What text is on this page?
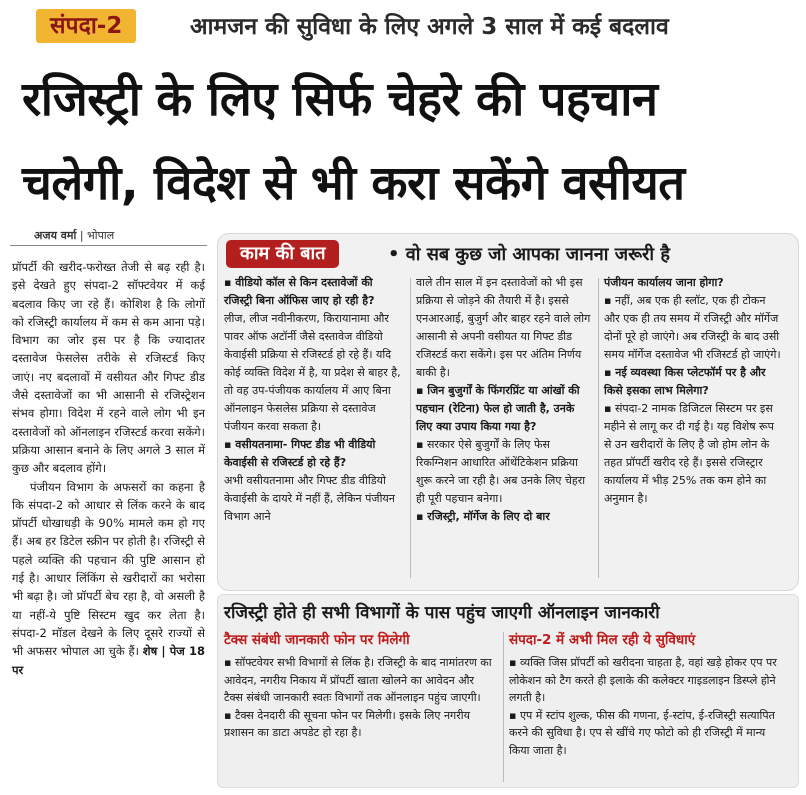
संपदा-2	आमजन की सुविधा के लिए अगले 3 साल में कई बदलाव
रजिस्ट्री के लिए सिर्फ चेहरे की पहचान
चलेगी, विदेश से भी करा सकेंगे वसीयत
अजय वर्मा | भोपाल

प्रॉपर्टी की खरीद-फरोख्त तेजी से बढ़ रही है। इसे देखते हुए संपदा-2 सॉफ्टवेयर में कई बदलाव किए जा रहे हैं। कोशिश है कि लोगों को रजिस्ट्री कार्यालय में कम से कम आना पड़े। विभाग का जोर इस पर है कि ज्यादातर दस्तावेज फेसलेस तरीके से रजिस्टर्ड किए जाएं। नए बदलावों में वसीयत और गिफ्ट डीड जैसे दस्तावेजों का भी आसानी से रजिस्ट्रेशन संभव होगा। विदेश में रहने वाले लोग भी इन दस्तावेजों को ऑनलाइन रजिस्टर्ड करवा सकेंगे। प्रक्रिया आसान बनाने के लिए अगले 3 साल में कुछ और बदलाव होंगे।

पंजीयन विभाग के अफसरों का कहना है कि संपदा-2 को आधार से लिंक करने के बाद प्रॉपर्टी धोखाधड़ी के 90% मामले कम हो गए हैं। अब हर डिटेल स्क्रीन पर होती है। रजिस्ट्री से पहले व्यक्ति की पहचान की पुष्टि आसान हो गई है। आधार लिंकिंग से खरीदारों का भरोसा भी बढ़ा है। जो प्रॉपर्टी बेच रहा है, वो असली है या नहीं-ये पुष्टि सिस्टम खुद कर लेता है। संपदा-2 मॉडल देखने के लिए दूसरे राज्यों से भी अफसर भोपाल आ चुके हैं। शेष | पेज 18 पर

काम की बात	• वो सब कुछ जो आपका जानना जरूरी है

▪ वीडियो कॉल से किन दस्तावेजों की रजिस्ट्री बिना ऑफिस जाए हो रही है?

लीज, लीज नवीनीकरण, किरायानामा और पावर ऑफ अटॉर्नी जैसे दस्तावेज वीडियो केवाईसी प्रक्रिया से रजिस्टर्ड हो रहे हैं। यदि कोई व्यक्ति विदेश में है, या प्रदेश से बाहर है, तो वह उप-पंजीयक कार्यालय में आए बिना ऑनलाइन फेसलेस प्रक्रिया से दस्तावेज पंजीयन करवा सकता है।

▪ वसीयतनामा- गिफ्ट डीड भी वीडियो केवाईसी से रजिस्टर्ड हो रहे हैं?

अभी वसीयतनामा और गिफ्ट डीड वीडियो केवाईसी के दायरे में नहीं हैं, लेकिन पंजीयन विभाग आने

वाले तीन साल में इन दस्तावेजों को भी इस प्रक्रिया से जोड़ने की तैयारी में है। इससे एनआरआई, बुजुर्ग और बाहर रहने वाले लोग आसानी से अपनी वसीयत या गिफ्ट डीड रजिस्टर्ड करा सकेंगे। इस पर अंतिम निर्णय बाकी है।

▪ जिन बुजुर्गों के फिंगरप्रिंट या आंखों की पहचान (रेटिना) फेल हो जाती है, उनके लिए क्या उपाय किया गया है?

▪ सरकार ऐसे बुजुर्गों के लिए फेस रिकग्निशन आधारित ऑथेंटिकेशन प्रक्रिया शुरू करने जा रही है। अब उनके लिए चेहरा ही पूरी पहचान बनेगा।

▪ रजिस्ट्री, मॉर्गेज के लिए दो बार

पंजीयन कार्यालय जाना होगा?

▪ नहीं, अब एक ही स्लॉट, एक ही टोकन और एक ही तय समय में रजिस्ट्री और मॉर्गेज दोनों पूरे हो जाएंगे। अब रजिस्ट्री के बाद उसी समय मॉर्गेज दस्तावेज भी रजिस्टर्ड हो जाएंगे।

▪ नई व्यवस्था किस प्लेटफॉर्म पर है और किसे इसका लाभ मिलेगा?

▪ संपदा-2 नामक डिजिटल सिस्टम पर इस महीने से लागू कर दी गई है। यह विशेष रूप से उन खरीदारों के लिए है जो होम लोन के तहत प्रॉपर्टी खरीद रहे हैं। इससे रजिस्ट्रार कार्यालय में भीड़ 25% तक कम होने का अनुमान है।

रजिस्ट्री होते ही सभी विभागों के पास पहुंच जाएगी ऑनलाइन जानकारी
टैक्स संबंधी जानकारी फोन पर मिलेगी	संपदा-2 में अभी मिल रही ये सुविधाएं

▪ सॉफ्टवेयर सभी विभागों से लिंक है। रजिस्ट्री के बाद नामांतरण का आवेदन, नगरीय निकाय में प्रॉपर्टी खाता खोलने का आवेदन और टैक्स संबंधी जानकारी स्वतः विभागों तक ऑनलाइन पहुंच जाएगी।

▪ टैक्स देनदारी की सूचना फोन पर मिलेगी। इसके लिए नगरीय प्रशासन का डाटा अपडेट हो रहा है।

▪ व्यक्ति जिस प्रॉपर्टी को खरीदना चाहता है, वहां खड़े होकर एप पर लोकेशन को टैग करते ही इलाके की कलेक्टर गाइडलाइन डिस्प्ले होने लगती है।

▪ एप में स्टांप शुल्क, फीस की गणना, ई-स्टांप, ई-रजिस्ट्री सत्यापित करने की सुविधा है। एप से खींचे गए फोटो को ही रजिस्ट्री में मान्य किया जाता है।
